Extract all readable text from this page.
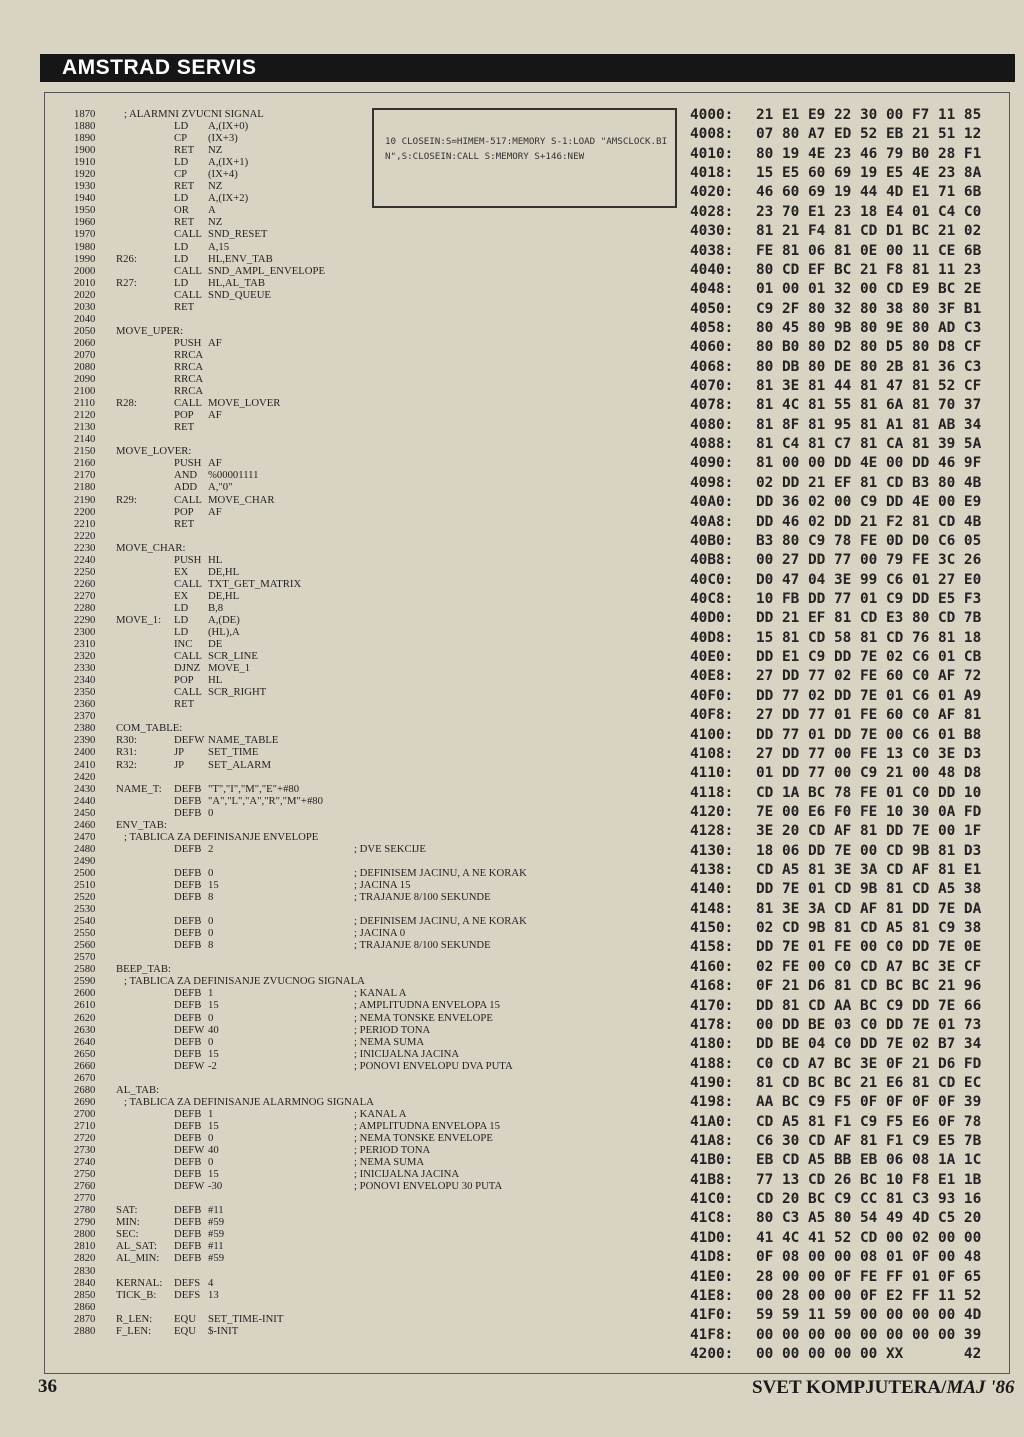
AMSTRAD SERVIS
1870	; ALARMNI ZVUCNI SIGNAL
1880	LD A,(IX+0)
1890	CP (IX+3)
1900	RET NZ
1910	LD A,(IX+1)
1920	CP (IX+4)
1930	RET NZ
1940	LD A,(IX+2)
1950	OR A
1960	RET NZ
1970	CALL SND_RESET
1980	LD A,15
1990 R26:	LD HL,ENV_TAB
2000	CALL SND_AMPL_ENVELOPE
2010 R27:	LD HL,AL_TAB
2020	CALL SND_QUEUE
2030	RET
2040
2050 MOVE_UPER:
2060	PUSH AF
2070	RRCA
2080	RRCA
2090	RRCA
2100	RRCA
2110 R28:	CALL MOVE_LOVER
2120	POP AF
2130	RET
2140
2150 MOVE_LOVER:
2160	PUSH AF
2170	AND %00001111
2180	ADD A,"0"
2190 R29:	CALL MOVE_CHAR
2200	POP AF
2210	RET
2220
2230 MOVE_CHAR:
2240	PUSH HL
2250	EX DE,HL
2260	CALL TXT_GET_MATRIX
2270	EX DE,HL
2280	LD B,8
2290 MOVE_1: LD A,(DE)
2300	LD (HL),A
2310	INC DE
2320	CALL SCR_LINE
2330	DJNZ MOVE_1
2340	POP HL
2350	CALL SCR_RIGHT
2360	RET
2370
2380 COM_TABLE:
2390 R30:	DEFW NAME_TABLE
2400 R31:	JP SET_TIME
2410 R32:	JP SET_ALARM
2420
2430 NAME_T: DEFB "T","I","M","E"+#80
2440	DEFB "A","L","A","R","M"+#80
2450	DEFB 0
2460 ENV_TAB:
2470	; TABLICA ZA DEFINISANJE ENVELOPE
2480	DEFB 2	; DVE SEKCIJE
2490
2500	DEFB 0	; DEFINISEM JACINU, A NE KORAK
2510	DEFB 15	; JACINA 15
2520	DEFB 8	; TRAJANJE 8/100 SEKUNDE
2530
2540	DEFB 0	; DEFINISEM JACINU, A NE KORAK
2550	DEFB 0	; JACINA 0
2560	DEFB 8	; TRAJANJE 8/100 SEKUNDE
2570
2580 BEEP_TAB:
2590	; TABLICA ZA DEFINISANJE ZVUCNOG SIGNALA
2600	DEFB 1	; KANAL A
2610	DEFB 15	; AMPLITUDNA ENVELOPA 15
2620	DEFB 0	; NEMA TONSKE ENVELOPE
2630	DEFW 40	; PERIOD TONA
2640	DEFB 0	; NEMA SUMA
2650	DEFB 15	; INICIJALNA JACINA
2660	DEFW -2	; PONOVI ENVELOPU DVA PUTA
2670
2680 AL_TAB:
2690	; TABLICA ZA DEFINISANJE ALARMNOG SIGNALA
2700	DEFB 1	; KANAL A
2710	DEFB 15	; AMPLITUDNA ENVELOPA 15
2720	DEFB 0	; NEMA TONSKE ENVELOPE
2730	DEFW 40	; PERIOD TONA
2740	DEFB 0	; NEMA SUMA
2750	DEFB 15	; INICIJALNA JACINA
2760	DEFW -30	; PONOVI ENVELOPU 30 PUTA
2770
2780 SAT:	DEFB #11
2790 MIN:	DEFB #59
2800 SEC:	DEFB #59
2810 AL_SAT: DEFB #11
2820 AL_MIN: DEFB #59
2830
2840 KERNAL: DEFS 4
2850 TICK_B: DEFS 13
2860
2870 R_LEN: EQU SET_TIME-INIT
2880 F_LEN: EQU $-INIT
10 CLOSEIN:S=HIMEM-517:MEMORY S-1:LOAD "AMSCLOCK.BIN",S:CLOSEIN:CALL S:MEMORY S+146:NEW
4000: 21 E1 E9 22 30 00 F7 11 85
4008: 07 80 A7 ED 52 EB 21 51 12
4010: 80 19 4E 23 46 79 B0 28 F1
4018: 15 E5 60 69 19 E5 4E 23 8A
4020: 46 60 69 19 44 4D E1 71 6B
4028: 23 70 E1 23 18 E4 01 C4 C0
4030: 81 21 F4 81 CD D1 BC 21 02
4038: FE 81 06 81 0E 00 11 CE 6B
4040: 80 CD EF BC 21 F8 81 11 23
4048: 01 00 01 32 00 CD E9 BC 2E
4050: C9 2F 80 32 80 38 80 3F B1
4058: 80 45 80 9B 80 9E 80 AD C3
4060: 80 B0 80 D2 80 D5 80 D8 CF
4068: 80 DB 80 DE 80 2B 81 36 C3
4070: 81 3E 81 44 81 47 81 52 CF
4078: 81 4C 81 55 81 6A 81 70 37
4080: 81 8F 81 95 81 A1 81 AB 34
4088: 81 C4 81 C7 81 CA 81 39 5A
4090: 81 00 00 DD 4E 00 DD 46 9F
4098: 02 DD 21 EF 81 CD B3 80 4B
40A0: DD 36 02 00 C9 DD 4E 00 E9
40A8: DD 46 02 DD 21 F2 81 CD 4B
40B0: B3 80 C9 78 FE 0D D0 C6 05
40B8: 00 27 DD 77 00 79 FE 3C 26
40C0: D0 47 04 3E 99 C6 01 27 E0
40C8: 10 FB DD 77 01 C9 DD E5 F3
40D0: DD 21 EF 81 CD E3 80 CD 7B
40D8: 15 81 CD 58 81 CD 76 81 18
40E0: DD E1 C9 DD 7E 02 C6 01 CB
40E8: 27 DD 77 02 FE 60 C0 AF 72
40F0: DD 77 02 DD 7E 01 C6 01 A9
40F8: 27 DD 77 01 FE 60 C0 AF 81
4100: DD 77 01 DD 7E 00 C6 01 B8
4108: 27 DD 77 00 FE 13 C0 3E D3
4110: 01 DD 77 00 C9 21 00 48 D8
4118: CD 1A BC 78 FE 01 C0 DD 10
4120: 7E 00 E6 F0 FE 10 30 0A FD
4128: 3E 20 CD AF 81 DD 7E 00 1F
4130: 18 06 DD 7E 00 CD 9B 81 D3
4138: CD A5 81 3E 3A CD AF 81 E1
4140: DD 7E 01 CD 9B 81 CD A5 38
4148: 81 3E 3A CD AF 81 DD 7E DA
4150: 02 CD 9B 81 CD A5 81 C9 38
4158: DD 7E 01 FE 00 C0 DD 7E 0E
4160: 02 FE 00 C0 CD A7 BC 3E CF
4168: 0F 21 D6 81 CD BC BC 21 96
4170: DD 81 CD AA BC C9 DD 7E 66
4178: 00 DD BE 03 C0 DD 7E 01 73
4180: DD BE 04 C0 DD 7E 02 B7 34
4188: C0 CD A7 BC 3E 0F 21 D6 FD
4190: 81 CD BC BC 21 E6 81 CD EC
4198: AA BC C9 F5 0F 0F 0F 0F 39
41A0: CD A5 81 F1 C9 F5 E6 0F 78
41A8: C6 30 CD AF 81 F1 C9 E5 7B
41B0: EB CD A5 BB EB 06 08 1A 1C
41B8: 77 13 CD 26 BC 10 F8 E1 1B
41C0: CD 20 BC C9 CC 81 C3 93 16
41C8: 80 C3 A5 80 54 49 4D C5 20
41D0: 41 4C 41 52 CD 00 02 00 00
41D8: 0F 08 00 00 08 01 0F 00 48
41E0: 28 00 00 0F FE FF 01 0F 65
41E8: 00 28 00 00 0F E2 FF 11 52
41F0: 59 59 11 59 00 00 00 00 4D
41F8: 00 00 00 00 00 00 00 00 39
4200: 00 00 00 00 00 XX       42
36	SVET KOMPJUTERA/MAJ '86
